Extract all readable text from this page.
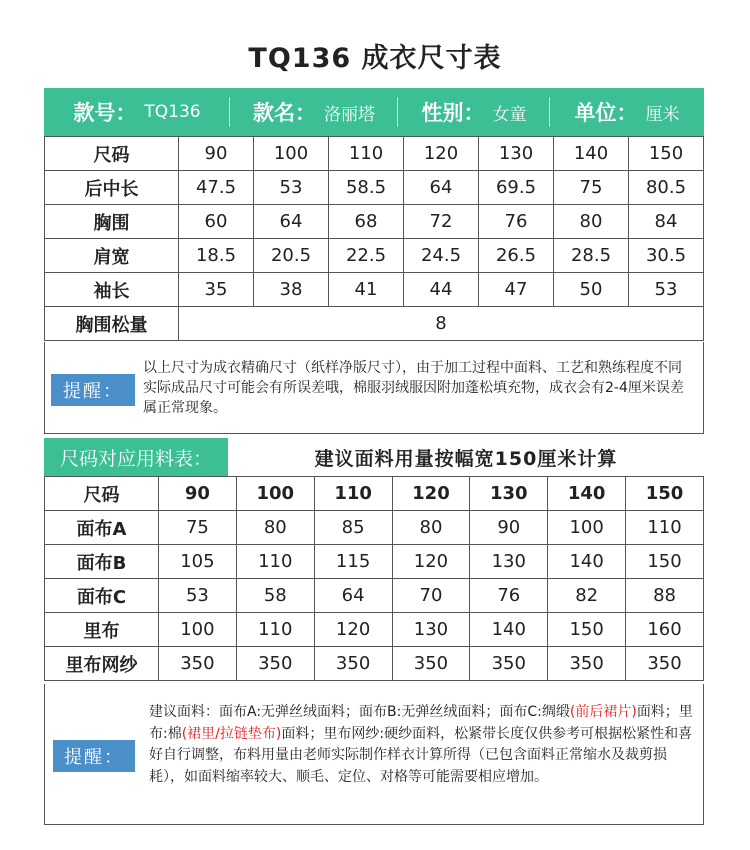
TQ136 成衣尺寸表
款号： TQ136 款名： 洛丽塔 性别： 女童 单位： 厘米
尺码	90	100	110	120	130	140	150
后中长	47.5	53	58.5	64	69.5	75	80.5
胸围	60	64	68	72	76	80	84
肩宽	18.5	20.5	22.5	24.5	26.5	28.5	30.5
袖长	35	38	41	44	47	50	53
胸围松量	8						
提醒：
以上尺寸为成衣精确尺寸（纸样净版尺寸），由于加工过程中面料、工艺和熟练程度不同实际成品尺寸可能会有所误差哦，棉服羽绒服因附加蓬松填充物，成衣会有2-4厘米误差属正常现象。
尺码对应用料表：	建议面料用量按幅宽150厘米计算
尺码	90	100	110	120	130	140	150
面布A	75	80	85	80	90	100	110
面布B	105	110	115	120	130	140	150
面布C	53	58	64	70	76	82	88
里布	100	110	120	130	140	150	160
里布网纱	350	350	350	350	350	350	350
提醒：
建议面料：面布A:无弹丝绒面料；面布B:无弹丝绒面料；面布C:绸缎(前后裙片)面料；里布:棉(裙里/拉链垫布)面料；里布网纱:硬纱面料，松紧带长度仅供参考可根据松紧性和喜好自行调整，布料用量由老师实际制作样衣计算所得（已包含面料正常缩水及裁剪损耗），如面料缩率较大、顺毛、定位、对格等可能需要相应增加。
